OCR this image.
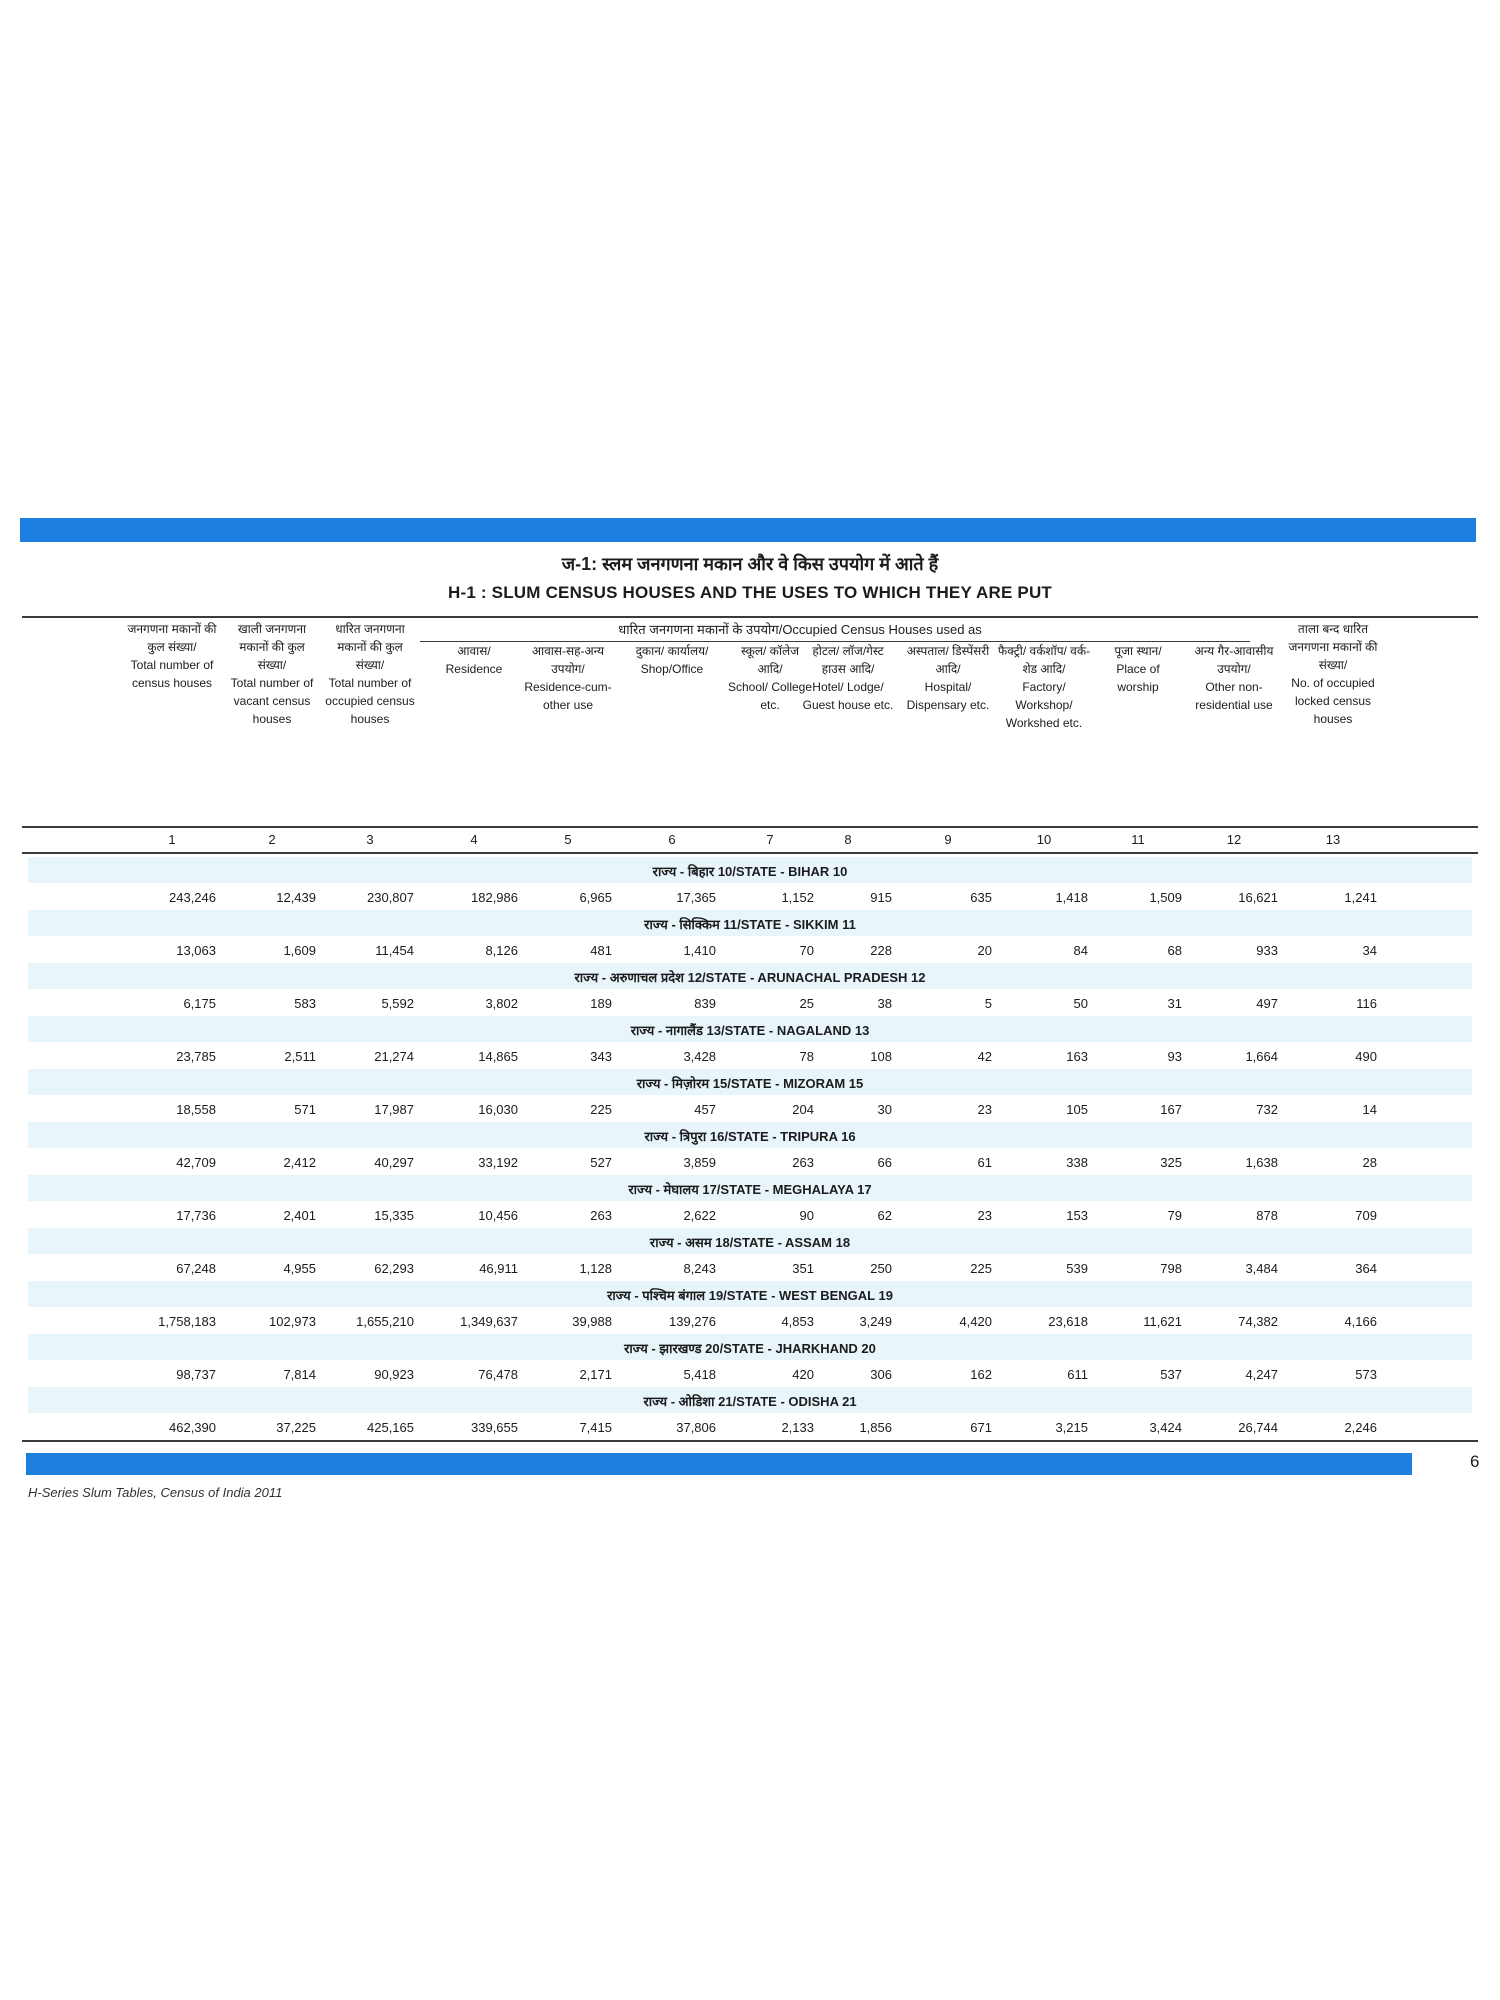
ज-1: स्लम जनगणना मकान और वे किस उपयोग में आते हैं
H-1 : SLUM CENSUS HOUSES AND THE USES TO WHICH THEY ARE PUT
धारित जनगणना मकानों के उपयोग/Occupied Census Houses used as
जनगणना मकानों की कुल संख्या/
Total number of census houses
खाली जनगणना मकानों की कुल संख्या/
Total number of vacant census houses
धारित जनगणना मकानों की कुल संख्या/
Total number of occupied census houses
आवास/
Residence
आवास-सह-अन्य उपयोग/
Residence-cum-other use
दुकान/ कार्यालय/
Shop/Office
स्कूल/ कॉलेज आदि/
School/ College etc.
होटल/ लॉज/गेस्ट हाउस आदि/
Hotel/ Lodge/ Guest house etc.
अस्पताल/ डिस्पेंसरी आदि/
Hospital/ Dispensary etc.
फैक्ट्री/ वर्कशॉप/ वर्क-शेड आदि/
Factory/ Workshop/ Workshed etc.
पूजा स्थान/
Place of worship
अन्य गैर-आवासीय उपयोग/
Other non-residential use
ताला बन्द धारित जनगणना मकानों की संख्या/
No. of occupied locked census houses
1	2	3	4	5	6	7	8	9	10	11	12	13
राज्य - बिहार 10/STATE - BIHAR 10
243,246	12,439	230,807	182,986	6,965	17,365	1,152	915	635	1,418	1,509	16,621	1,241
राज्य - सिक्किम 11/STATE - SIKKIM 11
13,063	1,609	11,454	8,126	481	1,410	70	228	20	84	68	933	34
राज्य - अरुणाचल प्रदेश 12/STATE - ARUNACHAL PRADESH 12
6,175	583	5,592	3,802	189	839	25	38	5	50	31	497	116
राज्य - नागालैंड 13/STATE - NAGALAND 13
23,785	2,511	21,274	14,865	343	3,428	78	108	42	163	93	1,664	490
राज्य - मिज़ोरम 15/STATE - MIZORAM 15
18,558	571	17,987	16,030	225	457	204	30	23	105	167	732	14
राज्य - त्रिपुरा 16/STATE - TRIPURA 16
42,709	2,412	40,297	33,192	527	3,859	263	66	61	338	325	1,638	28
राज्य - मेघालय 17/STATE - MEGHALAYA 17
17,736	2,401	15,335	10,456	263	2,622	90	62	23	153	79	878	709
राज्य - असम 18/STATE - ASSAM 18
67,248	4,955	62,293	46,911	1,128	8,243	351	250	225	539	798	3,484	364
राज्य - पश्चिम बंगाल 19/STATE - WEST BENGAL 19
1,758,183	102,973	1,655,210	1,349,637	39,988	139,276	4,853	3,249	4,420	23,618	11,621	74,382	4,166
राज्य - झारखण्ड 20/STATE - JHARKHAND 20
98,737	7,814	90,923	76,478	2,171	5,418	420	306	162	611	537	4,247	573
राज्य - ओडिशा 21/STATE - ODISHA 21
462,390	37,225	425,165	339,655	7,415	37,806	2,133	1,856	671	3,215	3,424	26,744	2,246
6
H-Series Slum Tables, Census of India 2011
